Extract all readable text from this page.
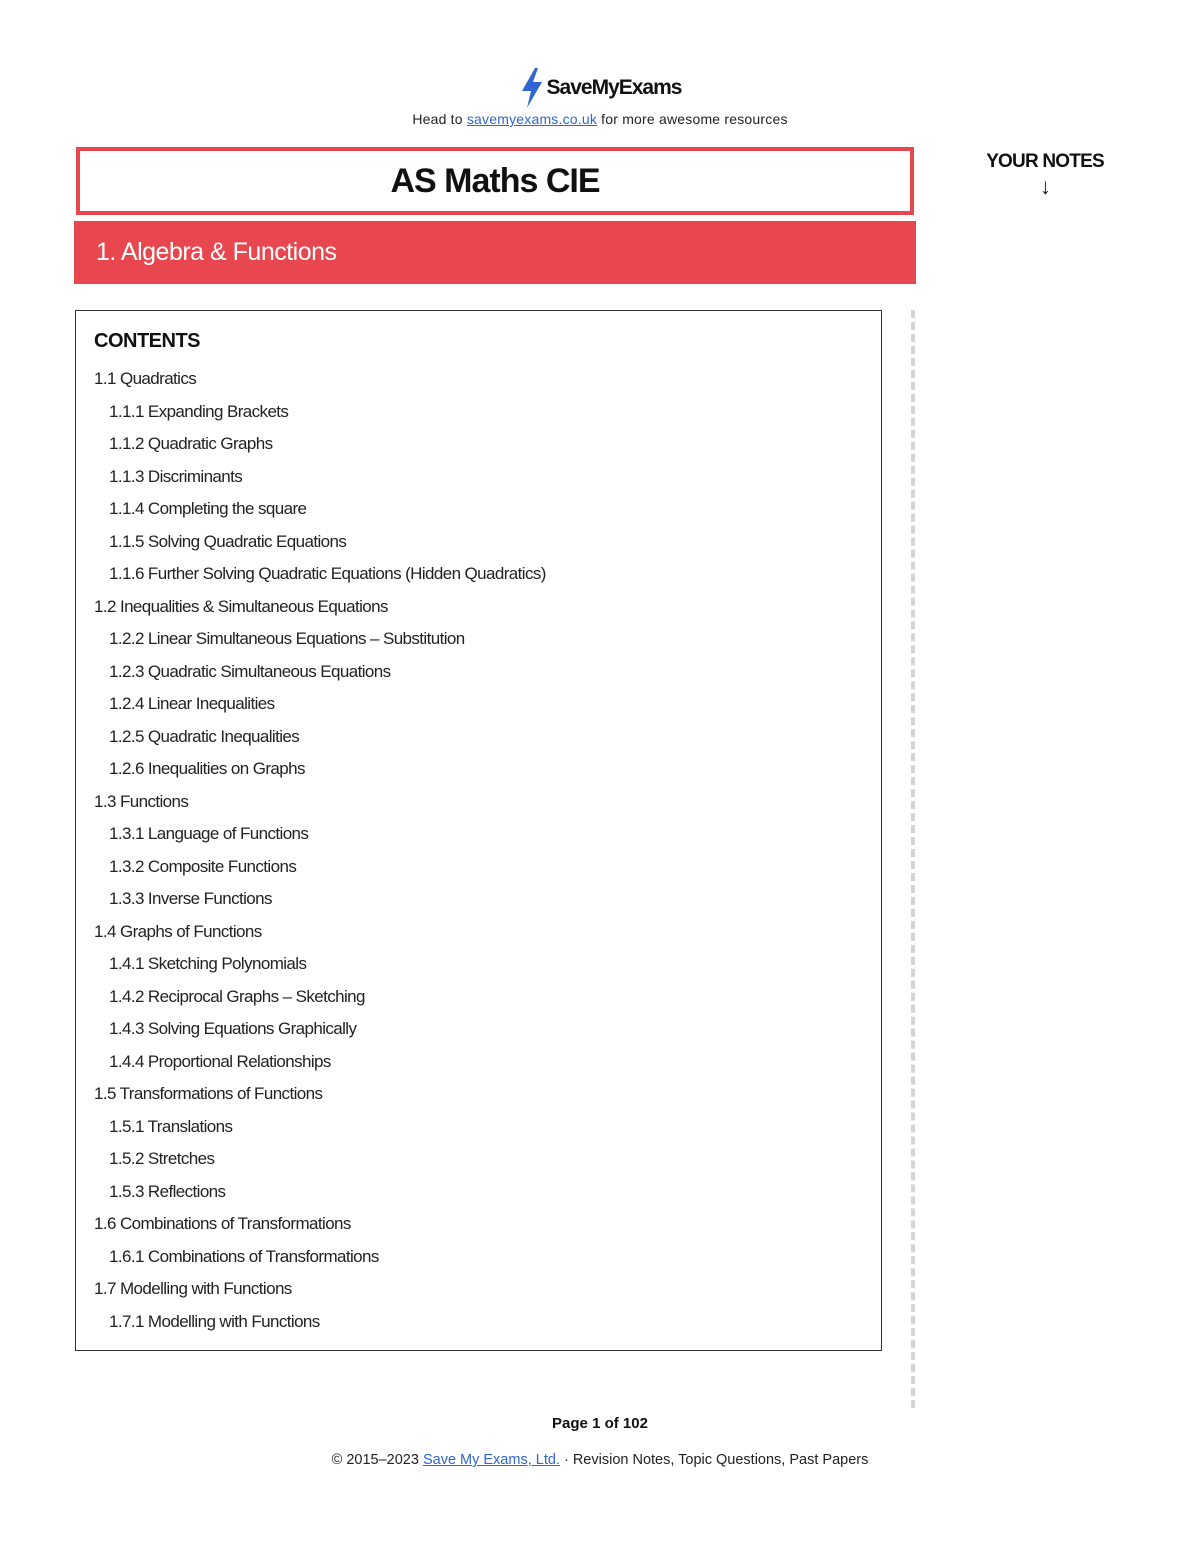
SaveMyExams
Head to savemyexams.co.uk for more awesome resources
AS Maths CIE
1. Algebra & Functions
YOUR NOTES
↓
CONTENTS
1.1 Quadratics
1.1.1 Expanding Brackets
1.1.2 Quadratic Graphs
1.1.3 Discriminants
1.1.4 Completing the square
1.1.5 Solving Quadratic Equations
1.1.6 Further Solving Quadratic Equations (Hidden Quadratics)
1.2 Inequalities & Simultaneous Equations
1.2.2 Linear Simultaneous Equations – Substitution
1.2.3 Quadratic Simultaneous Equations
1.2.4 Linear Inequalities
1.2.5 Quadratic Inequalities
1.2.6 Inequalities on Graphs
1.3 Functions
1.3.1 Language of Functions
1.3.2 Composite Functions
1.3.3 Inverse Functions
1.4 Graphs of Functions
1.4.1 Sketching Polynomials
1.4.2 Reciprocal Graphs – Sketching
1.4.3 Solving Equations Graphically
1.4.4 Proportional Relationships
1.5 Transformations of Functions
1.5.1 Translations
1.5.2 Stretches
1.5.3 Reflections
1.6 Combinations of Transformations
1.6.1 Combinations of Transformations
1.7 Modelling with Functions
1.7.1 Modelling with Functions
Page 1 of 102
© 2015–2023 Save My Exams, Ltd. · Revision Notes, Topic Questions, Past Papers
